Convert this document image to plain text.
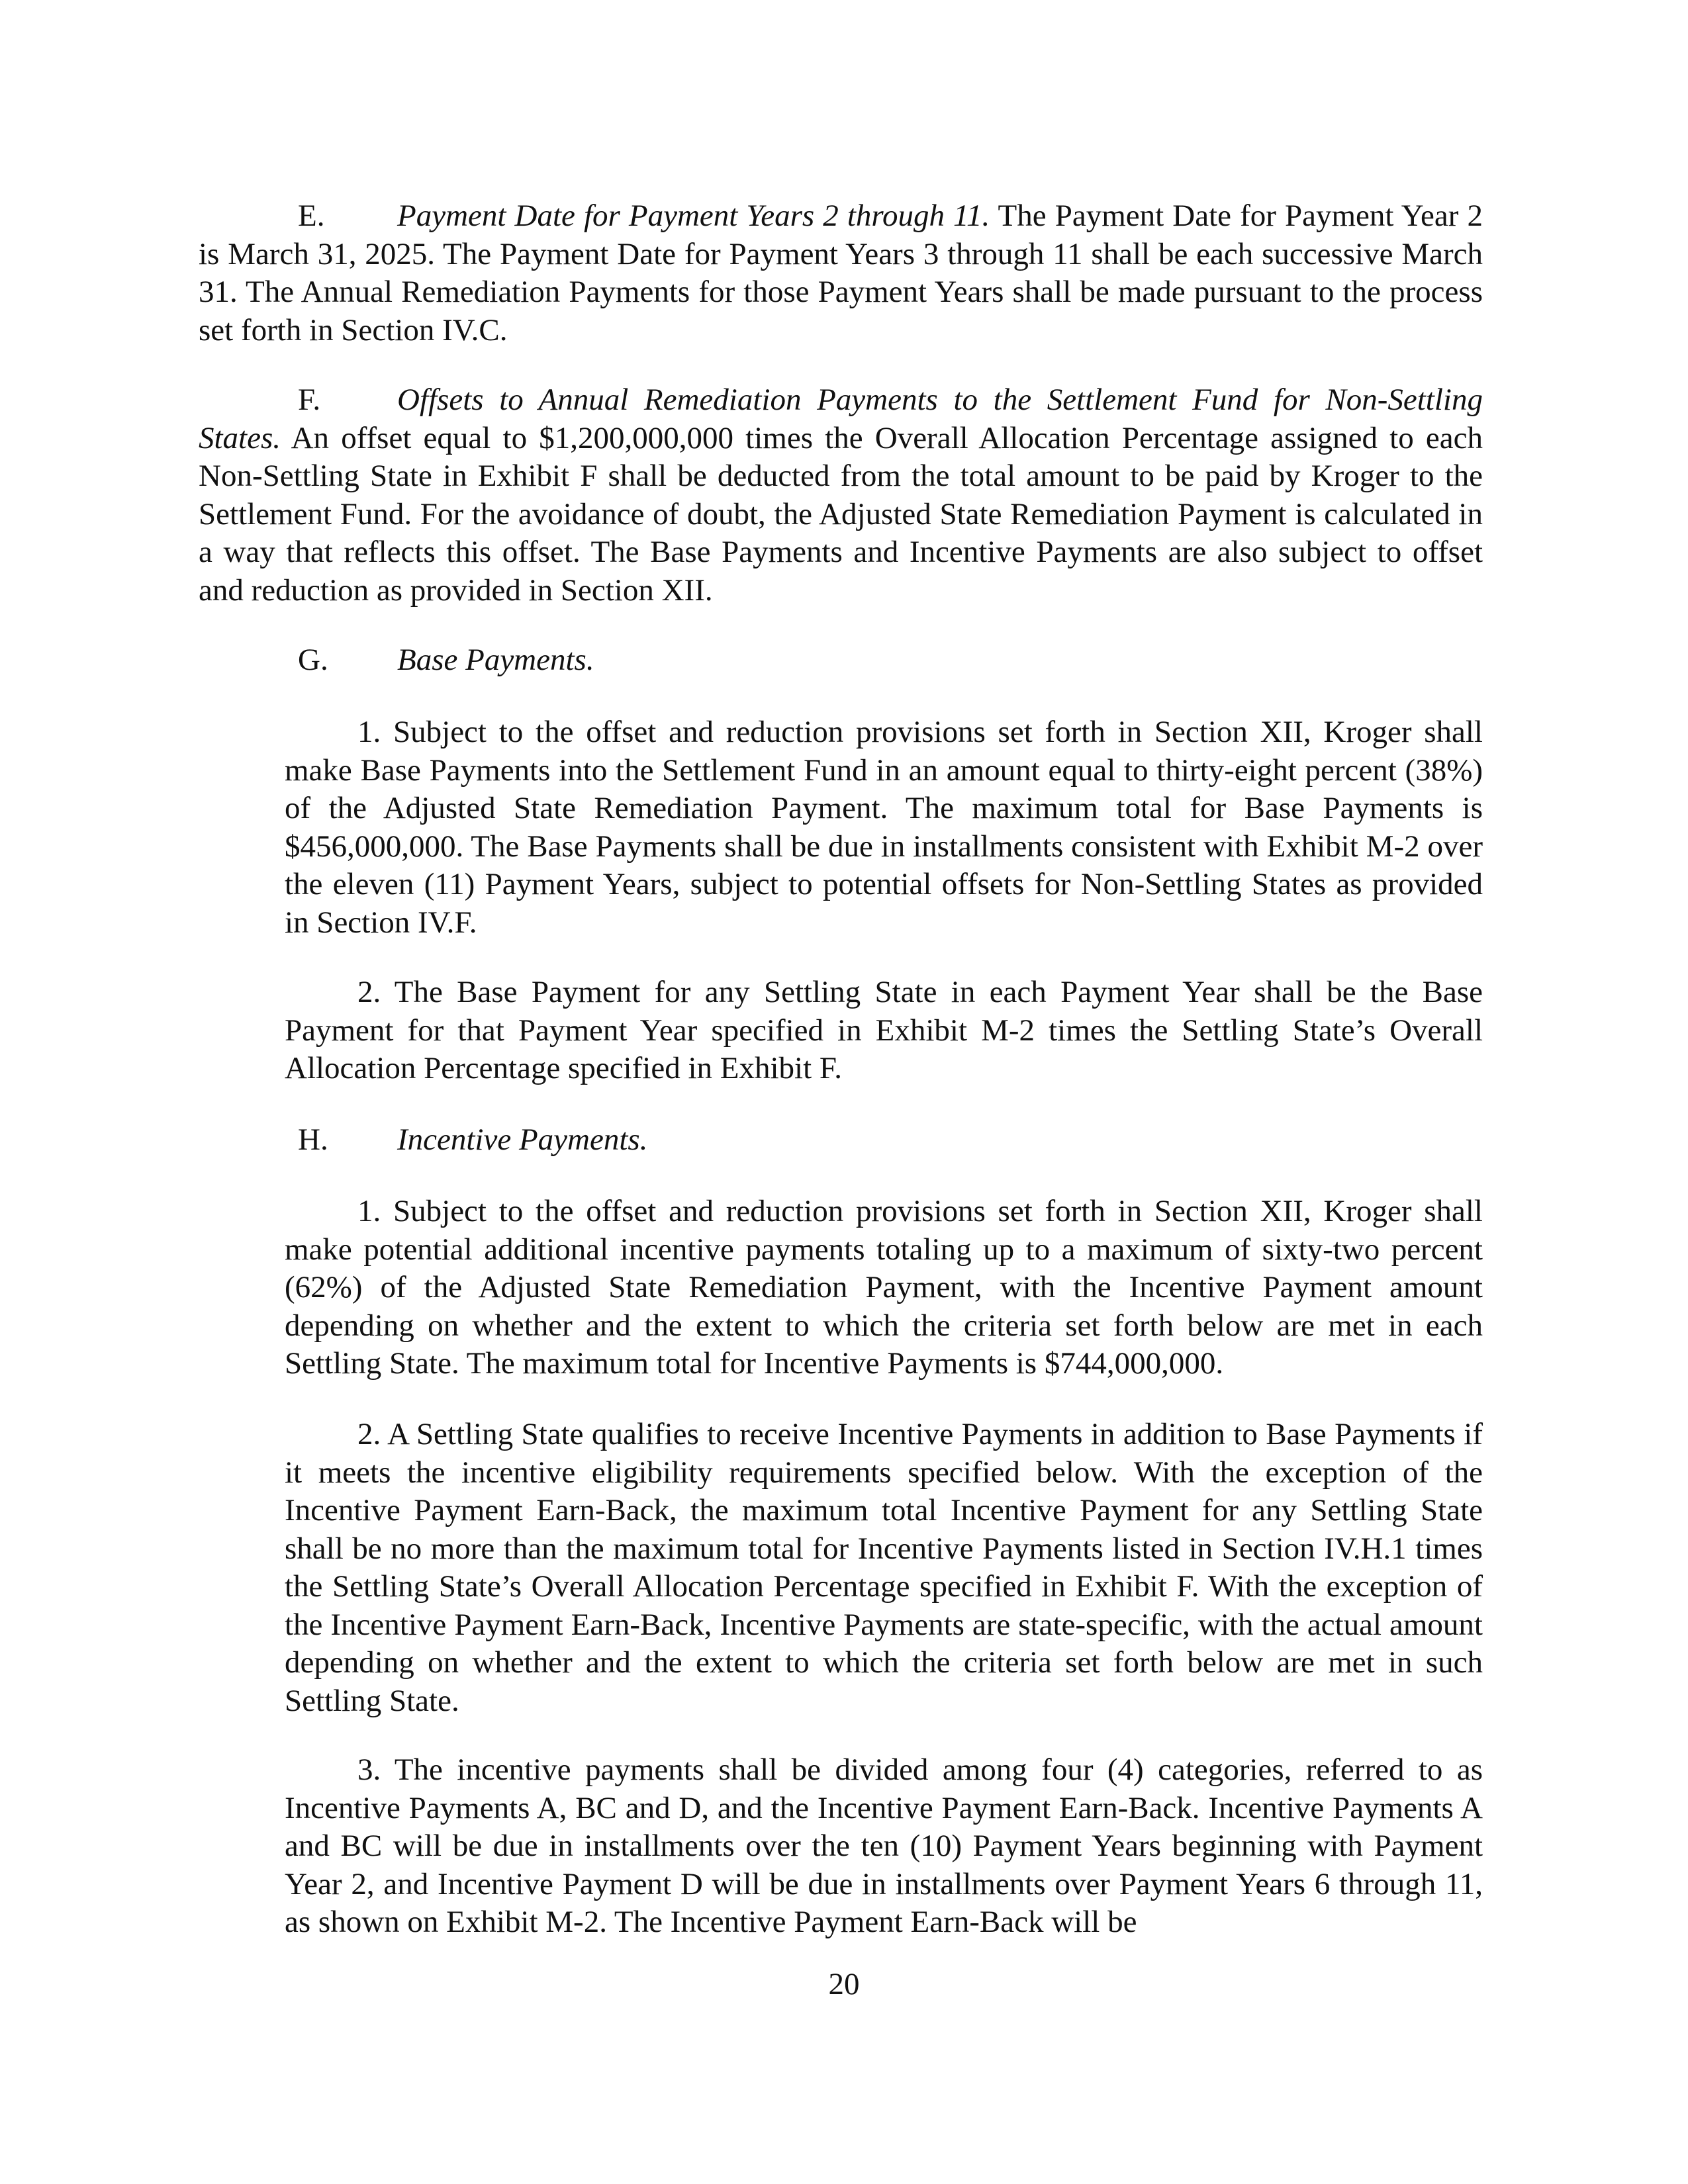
E. Payment Date for Payment Years 2 through 11. The Payment Date for Payment Year 2 is March 31, 2025. The Payment Date for Payment Years 3 through 11 shall be each successive March 31. The Annual Remediation Payments for those Payment Years shall be made pursuant to the process set forth in Section IV.C.

F. Offsets to Annual Remediation Payments to the Settlement Fund for Non-Settling States. An offset equal to $1,200,000,000 times the Overall Allocation Percentage assigned to each Non-Settling State in Exhibit F shall be deducted from the total amount to be paid by Kroger to the Settlement Fund. For the avoidance of doubt, the Adjusted State Remediation Payment is calculated in a way that reflects this offset. The Base Payments and Incentive Payments are also subject to offset and reduction as provided in Section XII.

G. Base Payments.

1. Subject to the offset and reduction provisions set forth in Section XII, Kroger shall make Base Payments into the Settlement Fund in an amount equal to thirty-eight percent (38%) of the Adjusted State Remediation Payment. The maximum total for Base Payments is $456,000,000. The Base Payments shall be due in installments consistent with Exhibit M-2 over the eleven (11) Payment Years, subject to potential offsets for Non-Settling States as provided in Section IV.F.

2. The Base Payment for any Settling State in each Payment Year shall be the Base Payment for that Payment Year specified in Exhibit M-2 times the Settling State’s Overall Allocation Percentage specified in Exhibit F.

H. Incentive Payments.

1. Subject to the offset and reduction provisions set forth in Section XII, Kroger shall make potential additional incentive payments totaling up to a maximum of sixty-two percent (62%) of the Adjusted State Remediation Payment, with the Incentive Payment amount depending on whether and the extent to which the criteria set forth below are met in each Settling State. The maximum total for Incentive Payments is $744,000,000.

2. A Settling State qualifies to receive Incentive Payments in addition to Base Payments if it meets the incentive eligibility requirements specified below. With the exception of the Incentive Payment Earn-Back, the maximum total Incentive Payment for any Settling State shall be no more than the maximum total for Incentive Payments listed in Section IV.H.1 times the Settling State’s Overall Allocation Percentage specified in Exhibit F. With the exception of the Incentive Payment Earn-Back, Incentive Payments are state-specific, with the actual amount depending on whether and the extent to which the criteria set forth below are met in such Settling State.

3. The incentive payments shall be divided among four (4) categories, referred to as Incentive Payments A, BC and D, and the Incentive Payment Earn-Back. Incentive Payments A and BC will be due in installments over the ten (10) Payment Years beginning with Payment Year 2, and Incentive Payment D will be due in installments over Payment Years 6 through 11, as shown on Exhibit M-2. The Incentive Payment Earn-Back will be

20
